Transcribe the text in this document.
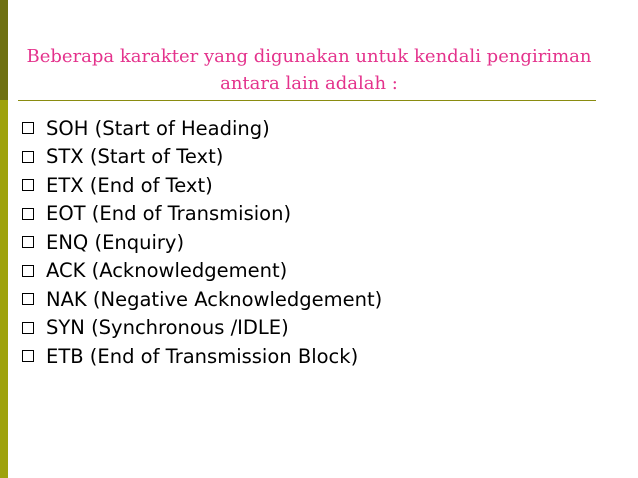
Beberapa karakter yang digunakan untuk kendali pengiriman
antara lain adalah :
SOH (Start of Heading)
STX (Start of Text)
ETX (End of Text)
EOT (End of Transmision)
ENQ (Enquiry)
ACK (Acknowledgement)
NAK (Negative Acknowledgement)
SYN (Synchronous /IDLE)
ETB (End of Transmission Block)
